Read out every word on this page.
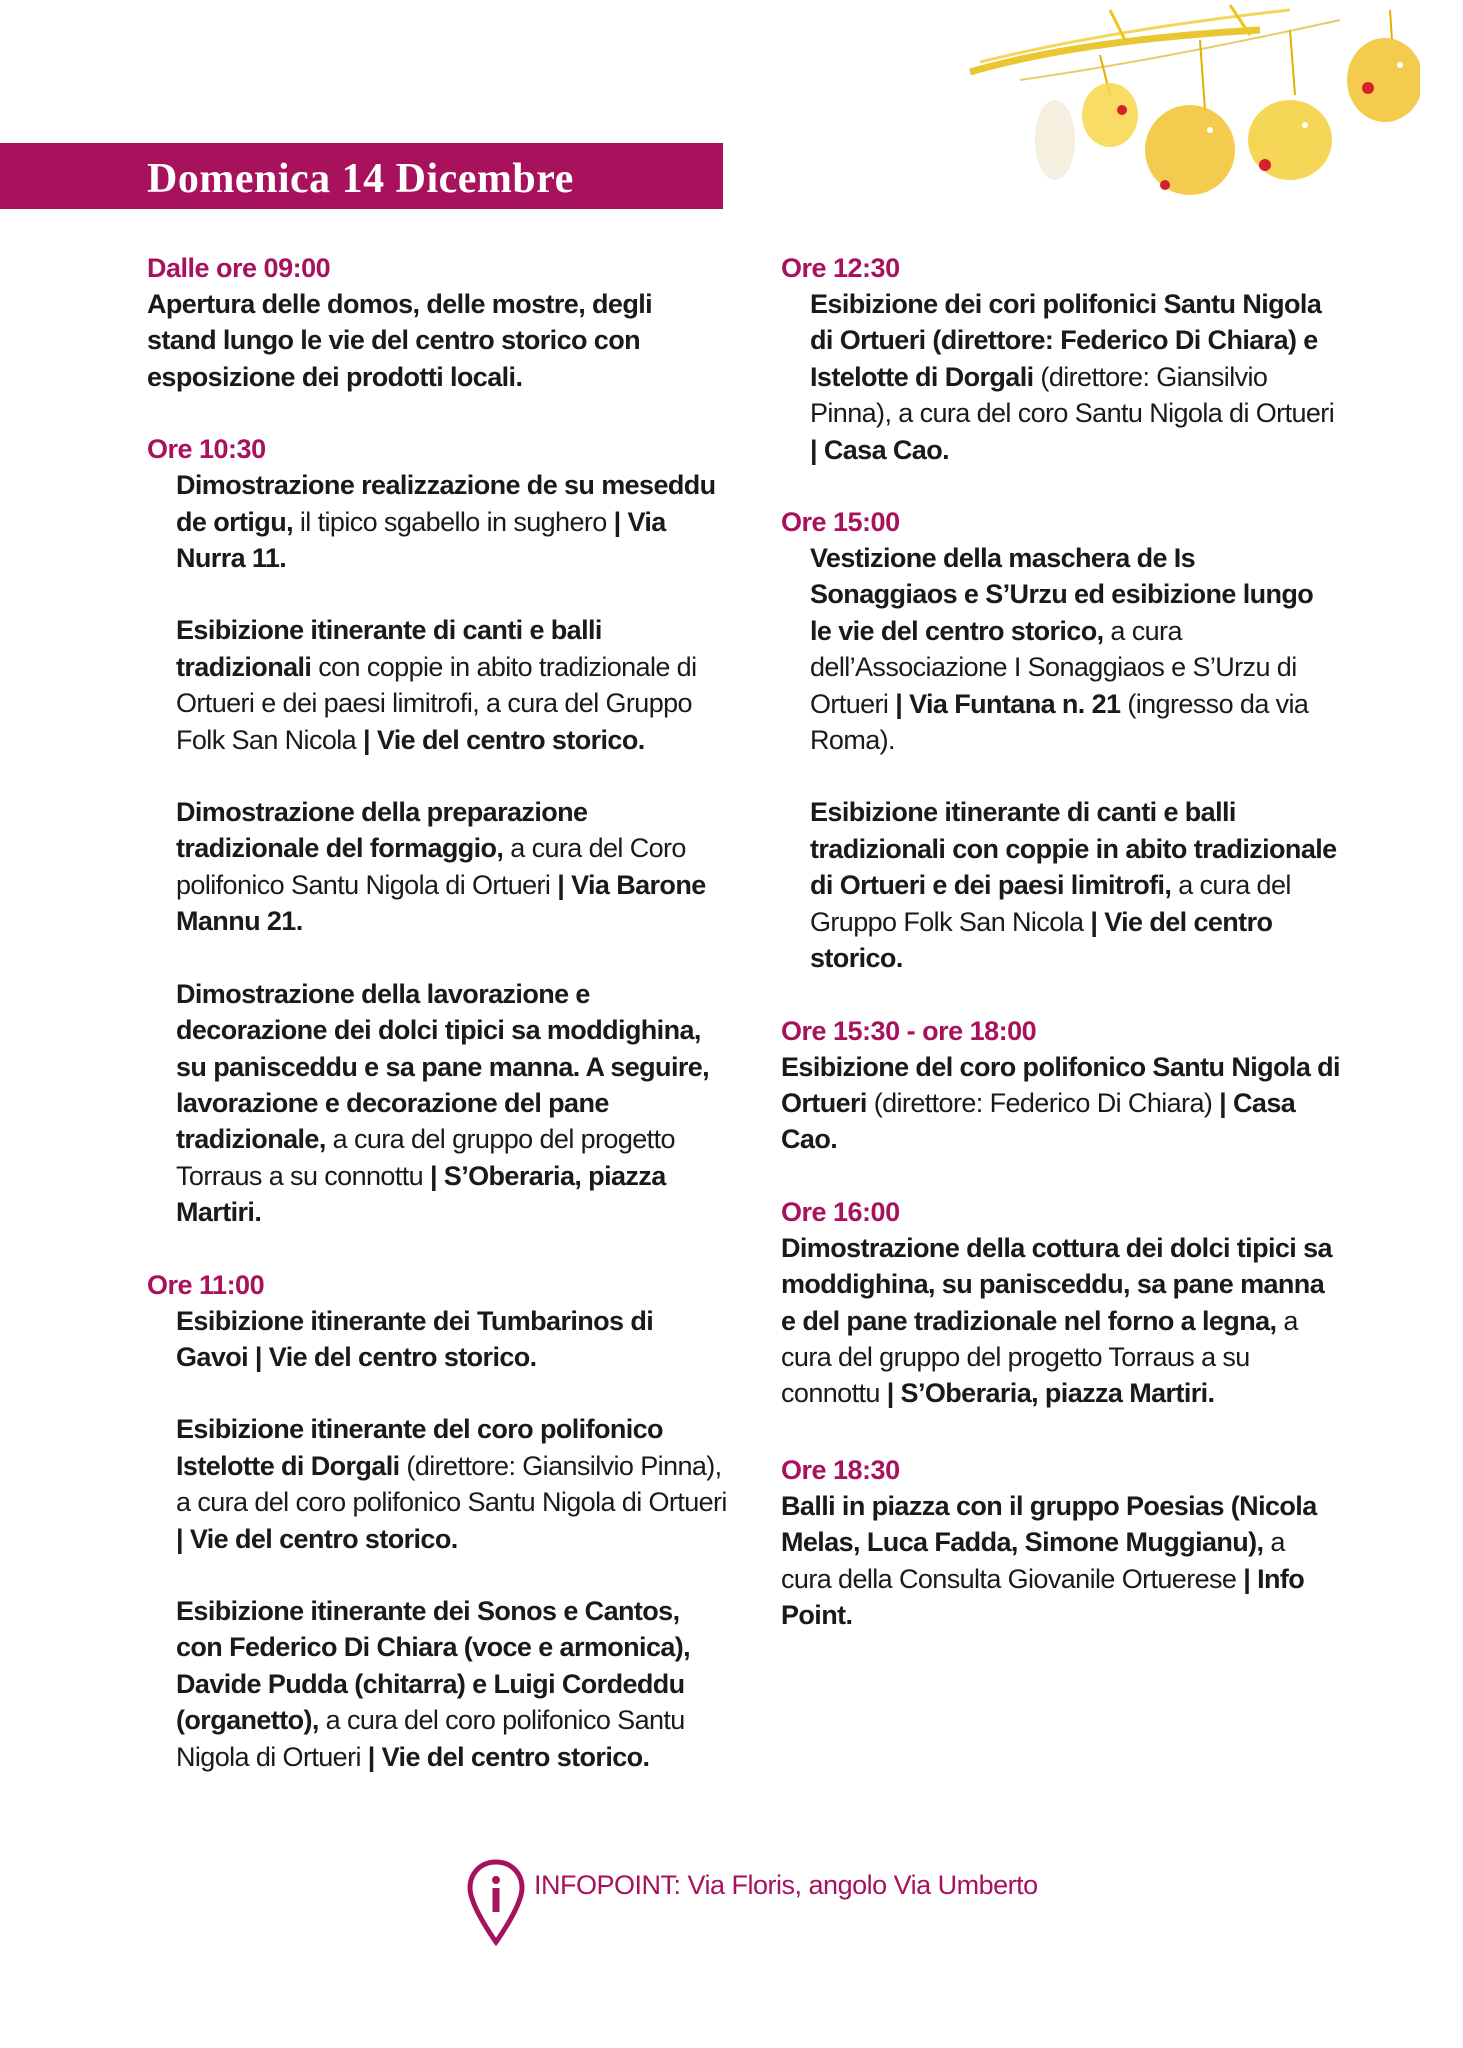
Domenica 14 Dicembre
Dalle ore 09:00

Apertura delle domos, delle mostre, degli stand lungo le vie del centro storico con esposizione dei prodotti locali.

Ore 10:30

Dimostrazione realizzazione de su meseddu de ortigu, il tipico sgabello in sughero | Via Nurra 11.

Esibizione itinerante di canti e balli tradizionali con coppie in abito tradizionale di Ortueri e dei paesi limitrofi, a cura del Gruppo Folk San Nicola | Vie del centro storico.

Dimostrazione della preparazione tradizionale del formaggio, a cura del Coro polifonico Santu Nigola di Ortueri | Via Barone Mannu 21.

Dimostrazione della lavorazione e decorazione dei dolci tipici sa moddighina, su panisceddu e sa pane manna. A seguire, lavorazione e decorazione del pane tradizionale, a cura del gruppo del progetto Torraus a su connottu | S’Oberaria, piazza Martiri.

Ore 11:00

Esibizione itinerante dei Tumbarinos di Gavoi | Vie del centro storico.

Esibizione itinerante del coro polifonico Istelotte di Dorgali (direttore: Giansilvio Pinna), a cura del coro polifonico Santu Nigola di Ortueri | Vie del centro storico.

Esibizione itinerante dei Sonos e Cantos, con Federico Di Chiara (voce e armonica), Davide Pudda (chitarra) e Luigi Cordeddu (organetto), a cura del coro polifonico Santu Nigola di Ortueri | Vie del centro storico.

Ore 12:30

Esibizione dei cori polifonici Santu Nigola di Ortueri (direttore: Federico Di Chiara) e Istelotte di Dorgali (direttore: Giansilvio Pinna), a cura del coro Santu Nigola di Ortueri | Casa Cao.

Ore 15:00

Vestizione della maschera de Is Sonaggiaos e S’Urzu ed esibizione lungo le vie del centro storico, a cura dell’Associazione I Sonaggiaos e S’Urzu di Ortueri | Via Funtana n. 21 (ingresso da via Roma).

Esibizione itinerante di canti e balli tradizionali con coppie in abito tradizionale di Ortueri e dei paesi limitrofi, a cura del Gruppo Folk San Nicola | Vie del centro storico.

Ore 15:30 - ore 18:00

Esibizione del coro polifonico Santu Nigola di Ortueri (direttore: Federico Di Chiara) | Casa Cao.

Ore 16:00

Dimostrazione della cottura dei dolci tipici sa moddighina, su panisceddu, sa pane manna e del pane tradizionale nel forno a legna, a cura del gruppo del progetto Torraus a su connottu | S’Oberaria, piazza Martiri.

Ore 18:30

Balli in piazza con il gruppo Poesias (Nicola Melas, Luca Fadda, Simone Muggianu), a cura della Consulta Giovanile Ortuerese | Info Point.

INFOPOINT: Via Floris, angolo Via Umberto
